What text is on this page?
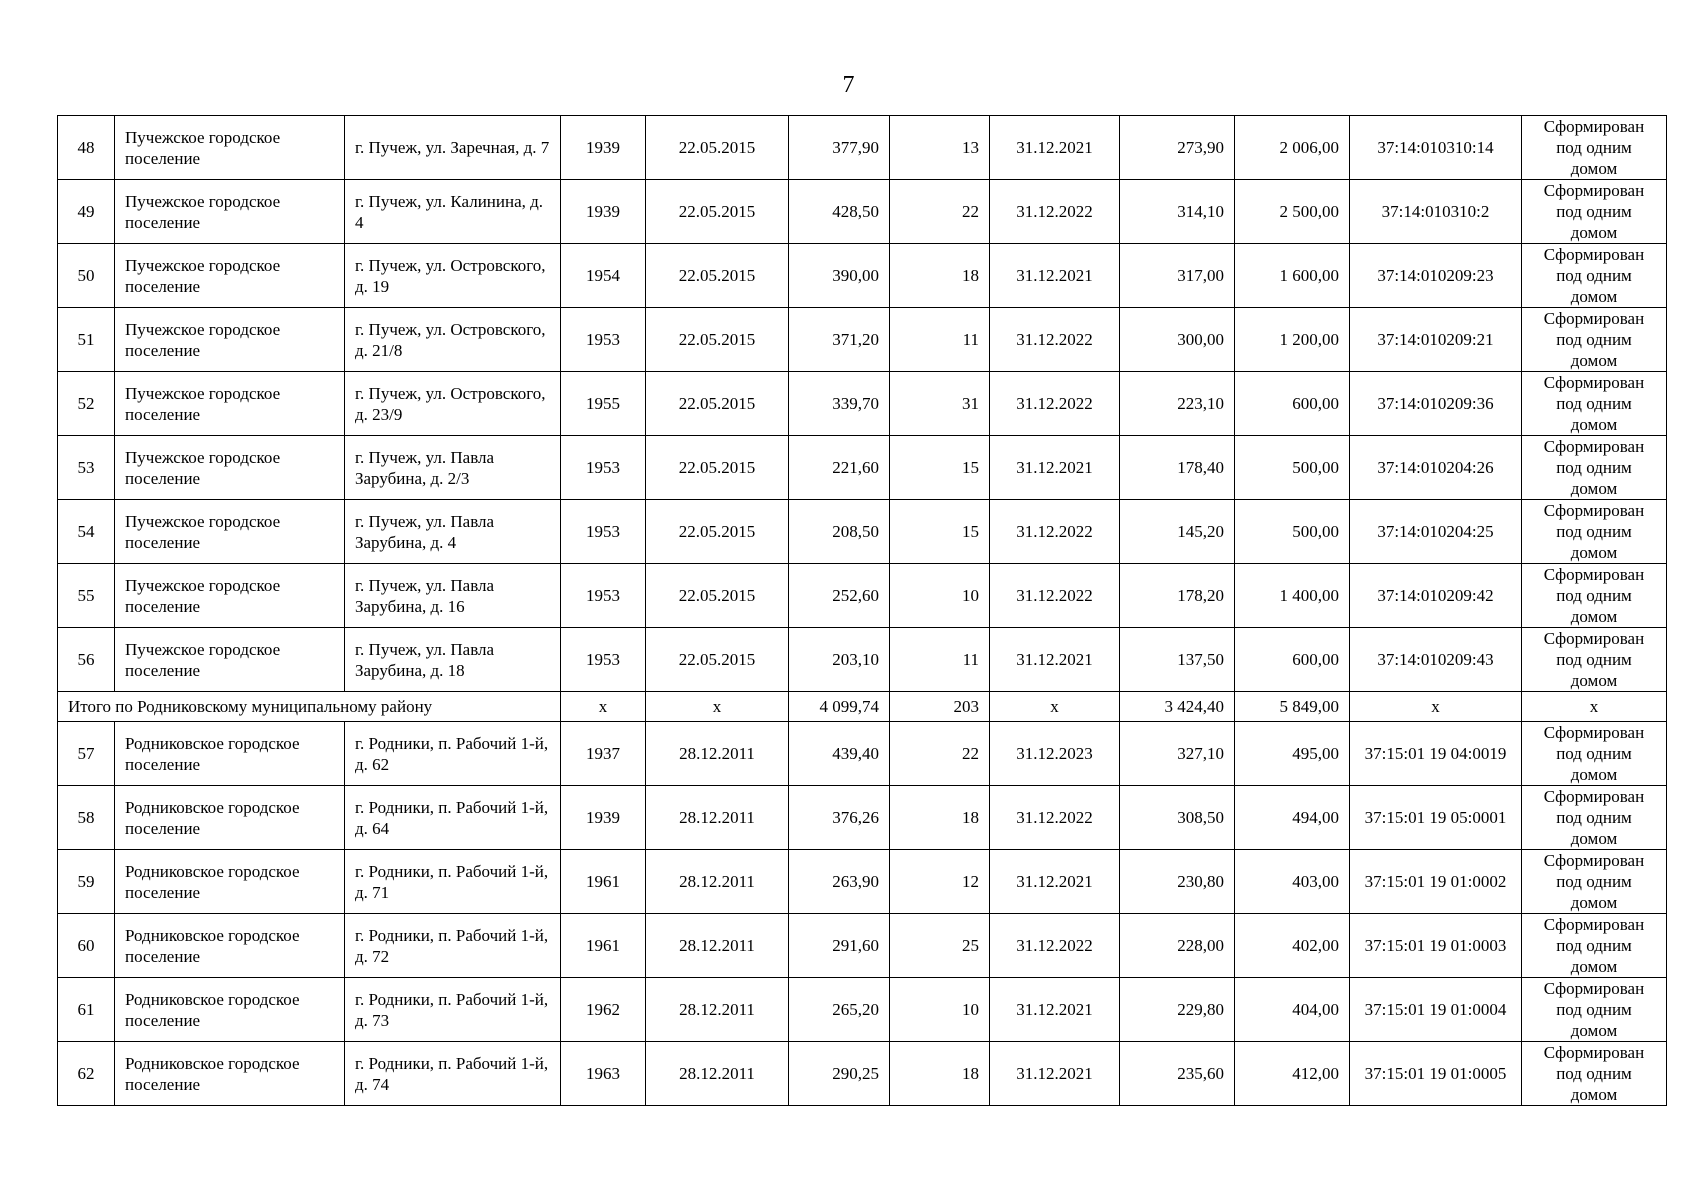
7
48	Пучежское городское поселение	г. Пучеж, ул. Заречная, д. 7	1939	22.05.2015	377,90	13	31.12.2021	273,90	2 006,00	37:14:010310:14	Сформирован под одним домом
49	Пучежское городское поселение	г. Пучеж, ул. Калинина, д. 4	1939	22.05.2015	428,50	22	31.12.2022	314,10	2 500,00	37:14:010310:2	Сформирован под одним домом
50	Пучежское городское поселение	г. Пучеж, ул. Островского, д. 19	1954	22.05.2015	390,00	18	31.12.2021	317,00	1 600,00	37:14:010209:23	Сформирован под одним домом
51	Пучежское городское поселение	г. Пучеж, ул. Островского, д. 21/8	1953	22.05.2015	371,20	11	31.12.2022	300,00	1 200,00	37:14:010209:21	Сформирован под одним домом
52	Пучежское городское поселение	г. Пучеж, ул. Островского, д. 23/9	1955	22.05.2015	339,70	31	31.12.2022	223,10	600,00	37:14:010209:36	Сформирован под одним домом
53	Пучежское городское поселение	г. Пучеж, ул. Павла Зарубина, д. 2/3	1953	22.05.2015	221,60	15	31.12.2021	178,40	500,00	37:14:010204:26	Сформирован под одним домом
54	Пучежское городское поселение	г. Пучеж, ул. Павла Зарубина, д. 4	1953	22.05.2015	208,50	15	31.12.2022	145,20	500,00	37:14:010204:25	Сформирован под одним домом
55	Пучежское городское поселение	г. Пучеж, ул. Павла Зарубина, д. 16	1953	22.05.2015	252,60	10	31.12.2022	178,20	1 400,00	37:14:010209:42	Сформирован под одним домом
56	Пучежское городское поселение	г. Пучеж, ул. Павла Зарубина, д. 18	1953	22.05.2015	203,10	11	31.12.2021	137,50	600,00	37:14:010209:43	Сформирован под одним домом
Итого по Родниковскому муниципальному району			х	х	4 099,74	203	х	3 424,40	5 849,00	х	х
57	Родниковское городское поселение	г. Родники, п. Рабочий 1-й, д. 62	1937	28.12.2011	439,40	22	31.12.2023	327,10	495,00	37:15:01 19 04:0019	Сформирован под одним домом
58	Родниковское городское поселение	г. Родники, п. Рабочий 1-й, д. 64	1939	28.12.2011	376,26	18	31.12.2022	308,50	494,00	37:15:01 19 05:0001	Сформирован под одним домом
59	Родниковское городское поселение	г. Родники, п. Рабочий 1-й, д. 71	1961	28.12.2011	263,90	12	31.12.2021	230,80	403,00	37:15:01 19 01:0002	Сформирован под одним домом
60	Родниковское городское поселение	г. Родники, п. Рабочий 1-й, д. 72	1961	28.12.2011	291,60	25	31.12.2022	228,00	402,00	37:15:01 19 01:0003	Сформирован под одним домом
61	Родниковское городское поселение	г. Родники, п. Рабочий 1-й, д. 73	1962	28.12.2011	265,20	10	31.12.2021	229,80	404,00	37:15:01 19 01:0004	Сформирован под одним домом
62	Родниковское городское поселение	г. Родники, п. Рабочий 1-й, д. 74	1963	28.12.2011	290,25	18	31.12.2021	235,60	412,00	37:15:01 19 01:0005	Сформирован под одним домом
